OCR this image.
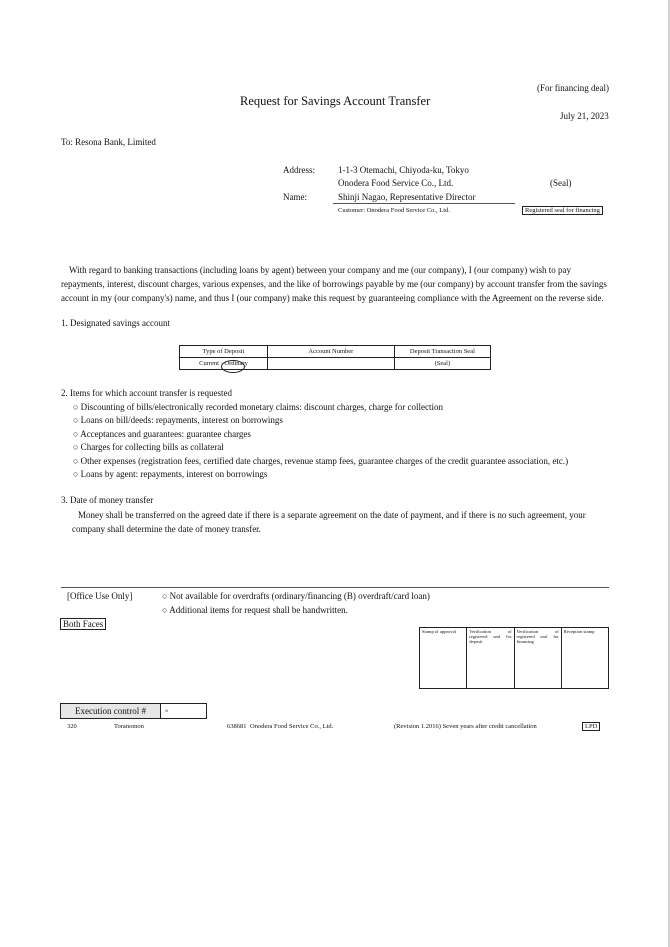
(For financing deal)
Request for Savings Account Transfer
July 21, 2023
To: Resona Bank, Limited
Address:	1-1-3 Otemachi, Chiyoda-ku, Tokyo
Onodera Food Service Co., Ltd.	(Seal)
Name:	Shinji Nagao, Representative Director
Customer: Onodera Food Service Co., Ltd.	Registered seal for financing
With regard to banking transactions (including loans by agent) between your company and me (our company), I (our company) wish to pay repayments, interest, discount charges, various expenses, and the like of borrowings payable by me (our company) by account transfer from the savings account in my (our company's) name, and thus I (our company) make this request by guaranteeing compliance with the Agreement on the reverse side.
1. Designated savings account
Type of Deposit	Account Number	Deposit Transaction Seal
Current · Ordinary		(Seal)
2. Items for which account transfer is requested
○ Discounting of bills/electronically recorded monetary claims: discount charges, charge for collection
○ Loans on bill/deeds: repayments, interest on borrowings
○ Acceptances and guarantees: guarantee charges
○ Charges for collecting bills as collateral
○ Other expenses (registration fees, certified date charges, revenue stamp fees, guarantee charges of the credit guarantee association, etc.)
○ Loans by agent: repayments, interest on borrowings
3. Date of money transfer
Money shall be transferred on the agreed date if there is a separate agreement on the date of payment, and if there is no such agreement, your company shall determine the date of money transfer.
[Office Use Only]	○ Not available for overdrafts (ordinary/financing (B) overdraft/card loan)
○ Additional items for request shall be handwritten.
Both Faces
Stamp of approval	Verification of registered seal for deposit	Verification of registered seal for financing	Reception stamp
Execution control #	»
320	Toranomon	638681 Onodera Food Service Co., Ltd.	(Revision 1.2016) Seven years after credit cancellation	LPD
